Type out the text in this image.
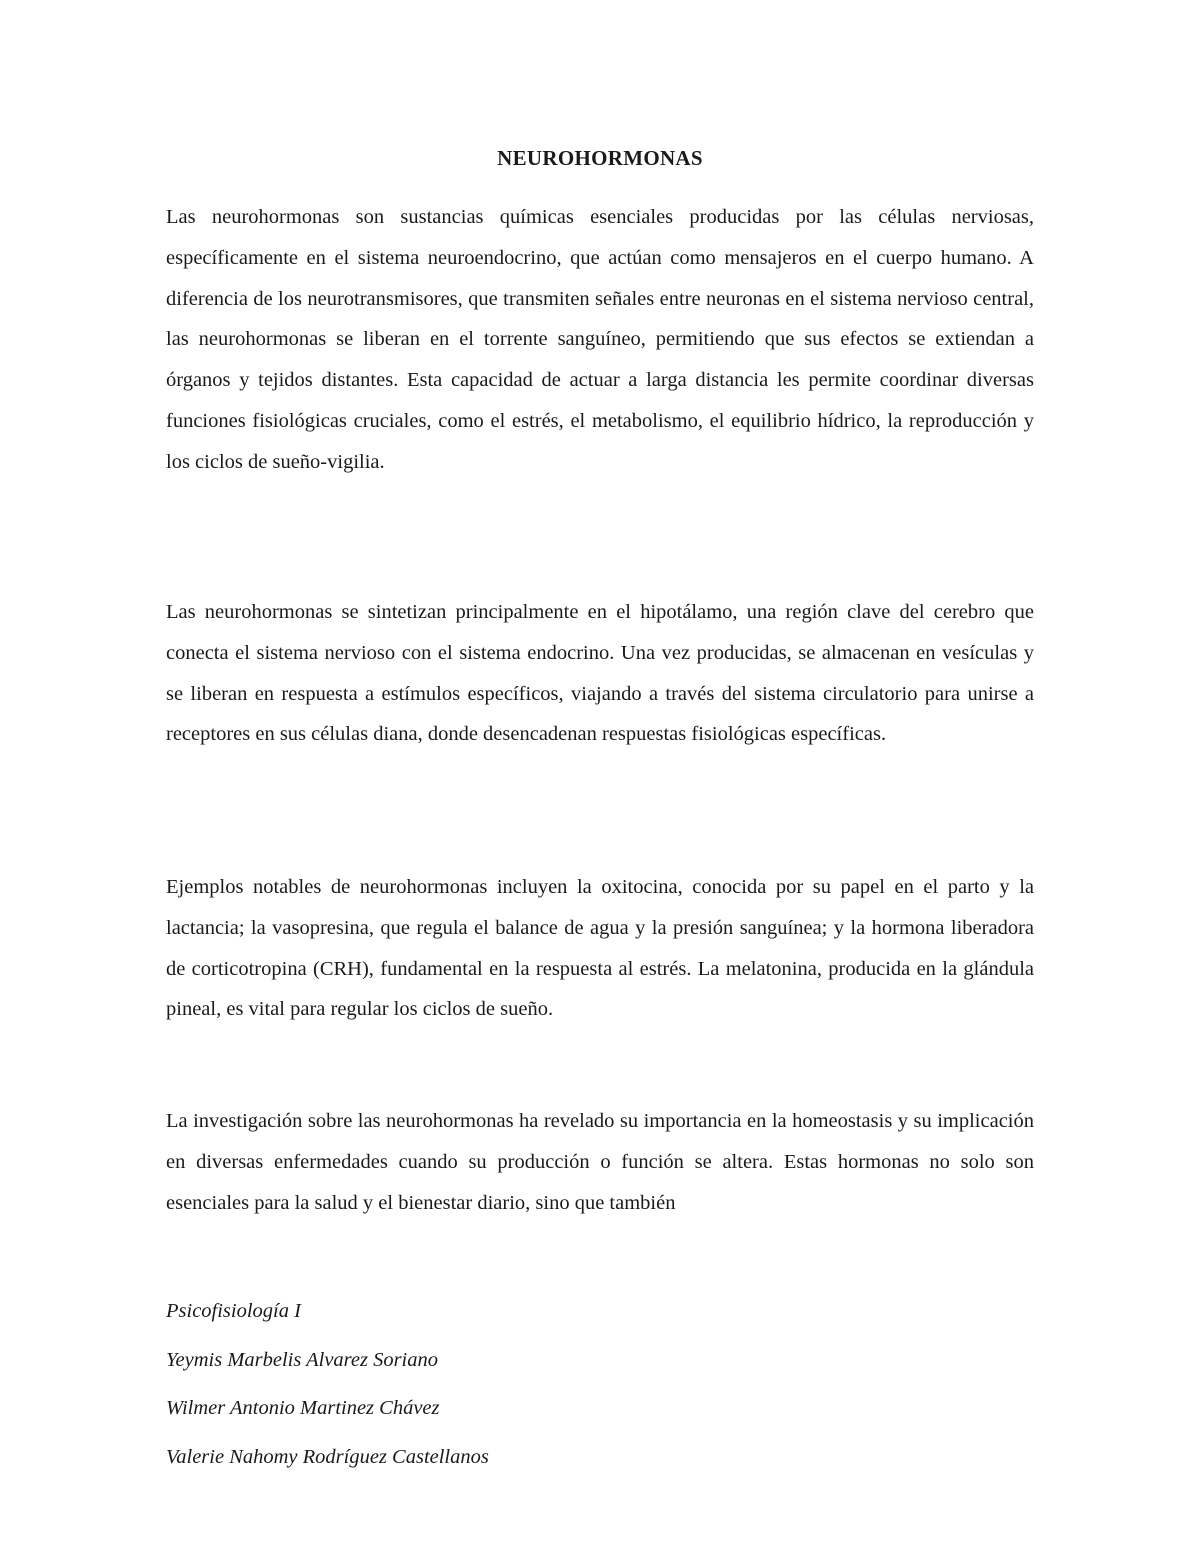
NEUROHORMONAS

Las neurohormonas son sustancias químicas esenciales producidas por las células nerviosas, específicamente en el sistema neuroendocrino, que actúan como mensajeros en el cuerpo humano. A diferencia de los neurotransmisores, que transmiten señales entre neuronas en el sistema nervioso central, las neurohormonas se liberan en el torrente sanguíneo, permitiendo que sus efectos se extiendan a órganos y tejidos distantes. Esta capacidad de actuar a larga distancia les permite coordinar diversas funciones fisiológicas cruciales, como el estrés, el metabolismo, el equilibrio hídrico, la reproducción y los ciclos de sueño-vigilia.

Las neurohormonas se sintetizan principalmente en el hipotálamo, una región clave del cerebro que conecta el sistema nervioso con el sistema endocrino. Una vez producidas, se almacenan en vesículas y se liberan en respuesta a estímulos específicos, viajando a través del sistema circulatorio para unirse a receptores en sus células diana, donde desencadenan respuestas fisiológicas específicas.

Ejemplos notables de neurohormonas incluyen la oxitocina, conocida por su papel en el parto y la lactancia; la vasopresina, que regula el balance de agua y la presión sanguínea; y la hormona liberadora de corticotropina (CRH), fundamental en la respuesta al estrés. La melatonina, producida en la glándula pineal, es vital para regular los ciclos de sueño.

La investigación sobre las neurohormonas ha revelado su importancia en la homeostasis y su implicación en diversas enfermedades cuando su producción o función se altera. Estas hormonas no solo son esenciales para la salud y el bienestar diario, sino que también

Psicofisiología I

Yeymis Marbelis Alvarez Soriano

Wilmer Antonio Martinez Chávez

Valerie Nahomy Rodríguez Castellanos
